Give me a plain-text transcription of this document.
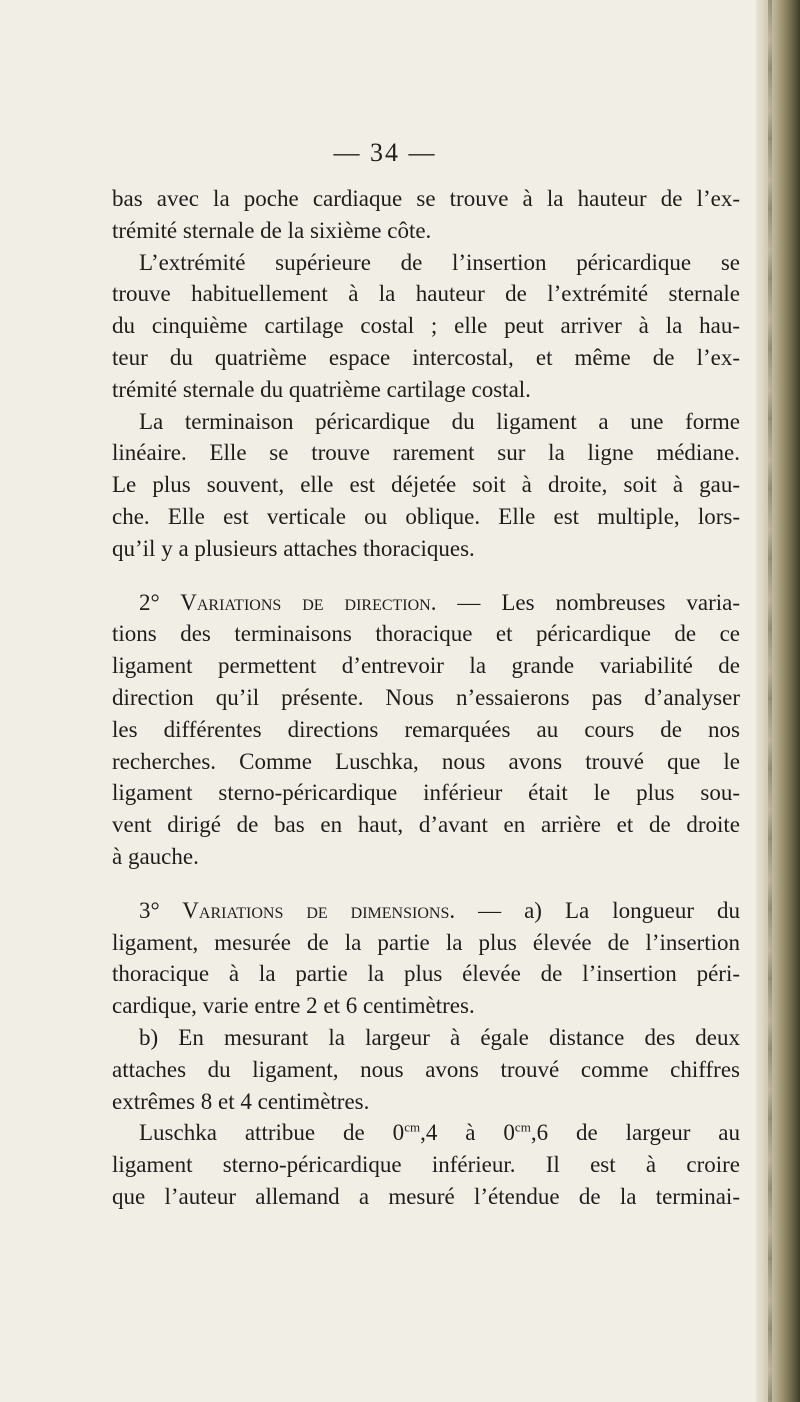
— 34 —
bas avec la poche cardiaque se trouve à la hauteur de l’ex-
trémité sternale de la sixième côte.
L’extrémité supérieure de l’insertion péricardique se
trouve habituellement à la hauteur de l’extrémité sternale
du cinquième cartilage costal ; elle peut arriver à la hau-
teur du quatrième espace intercostal, et même de l’ex-
trémité sternale du quatrième cartilage costal.
La terminaison péricardique du ligament a une forme
linéaire. Elle se trouve rarement sur la ligne médiane.
Le plus souvent, elle est déjetée soit à droite, soit à gau-
che. Elle est verticale ou oblique. Elle est multiple, lors-
qu’il y a plusieurs attaches thoraciques.
2° Variations de direction. — Les nombreuses varia-
tions des terminaisons thoracique et péricardique de ce
ligament permettent d’entrevoir la grande variabilité de
direction qu’il présente. Nous n’essaierons pas d’analyser
les différentes directions remarquées au cours de nos
recherches. Comme Luschka, nous avons trouvé que le
ligament sterno-péricardique inférieur était le plus sou-
vent dirigé de bas en haut, d’avant en arrière et de droite
à gauche.
3° Variations de dimensions. — a) La longueur du
ligament, mesurée de la partie la plus élevée de l’insertion
thoracique à la partie la plus élevée de l’insertion péri-
cardique, varie entre 2 et 6 centimètres.
b) En mesurant la largeur à égale distance des deux
attaches du ligament, nous avons trouvé comme chiffres
extrêmes 8 et 4 centimètres.
Luschka attribue de $0^{cm},4$ à $0^{cm},6$ de largeur au
ligament sterno-péricardique inférieur. Il est à croire
que l’auteur allemand a mesuré l’étendue de la terminai-
